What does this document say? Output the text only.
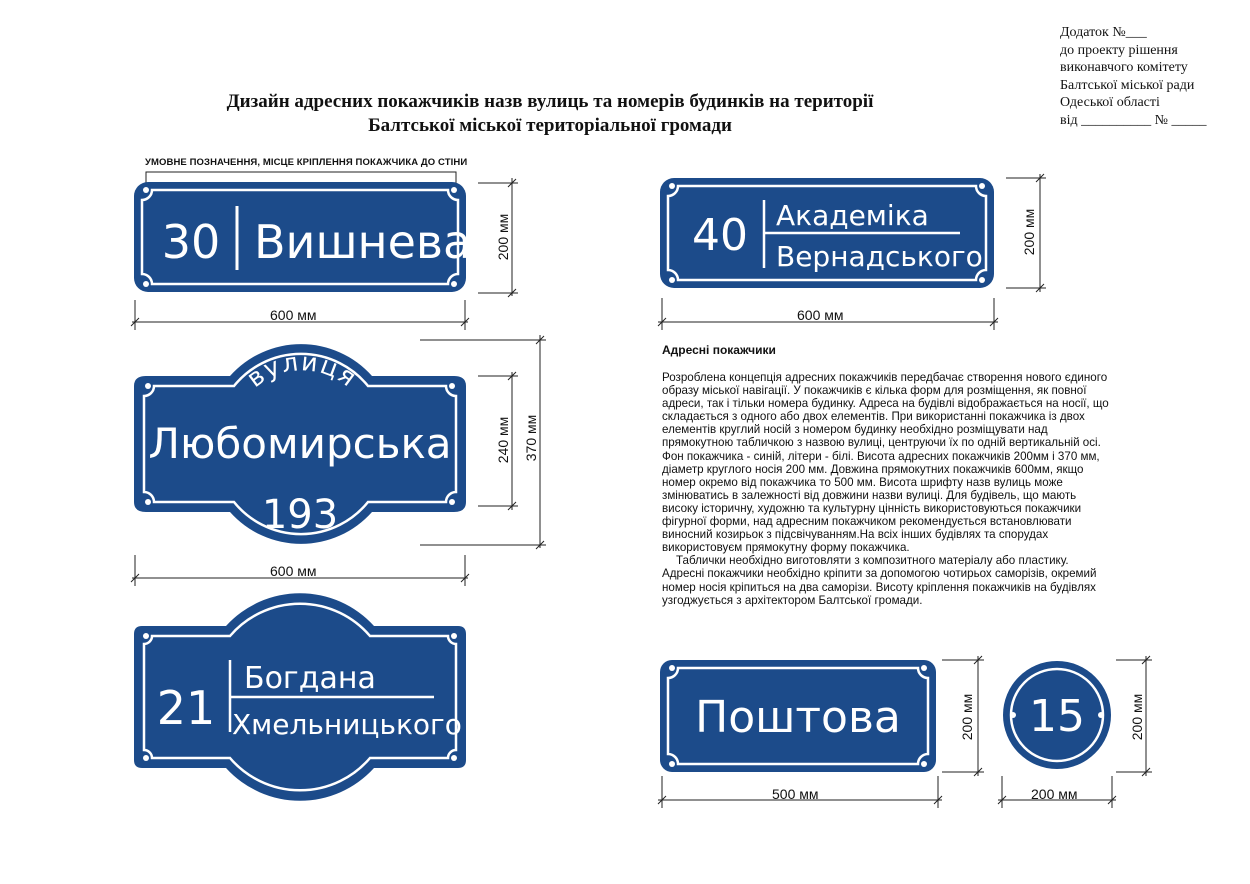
Додаток №___
до проекту рішення
виконавчого комітету
Балтської міської ради
Одеської області
від __________ № _____
Дизайн адресних покажчиків назв вулиць та номерів будинків на території
Балтської міської територіальної громади
УМОВНЕ ПОЗНАЧЕННЯ, МІСЦЕ КРІПЛЕННЯ ПОКАЖЧИКА ДО СТІНИ
600 мм
200 мм
600 мм
200 мм
600 мм
240 мм 370 мм
500 мм
200 мм
200 мм
200 мм
30 Вишнева	40 Академіка
Вернадського
вулиця
Любомирська
193
21
Богдана
Хмельницького	Поштова	15
Адресні покажчики

Розроблена концепція адресних покажчиків передбачає створення нового єдиного образу міської навігації. У покажчиків є кілька форм для розміщення, як повної адреси, так і тільки номера будинку. Адреса на будівлі відображається на носії, що складається з одного або двох елементів. При використанні покажчика із двох елементів круглий носій з номером будинку необхідно розміщувати над прямокутною табличкою з назвою вулиці, центруючи їх по одній вертикальній осі. Фон покажчика - синій, літери - білі. Висота адресних покажчиків 200мм і 370 мм, діаметр круглого носія 200 мм. Довжина прямокутних покажчиків 600мм, якщо номер окремо від покажчика то 500 мм. Висота шрифту назв вулиць може змінюватись в залежності від довжини назви вулиці. Для будівель, що мають високу історичну, художню та культурну цінність використовуються покажчики фігурної форми, над адресним покажчиком рекомендується встановлювати виносний козирьок з підсвічуванням.На всіх інших будівлях та спорудах використовуєм прямокутну форму покажчика.

Таблички необхідно виготовляти з композитного матеріалу або пластику. Адресні покажчики необхідно кріпити за допомогою чотирьох саморізів, окремий номер носія кріпиться на два саморізи. Висоту кріплення покажчиків на будівлях узгоджується з архітектором Балтської громади.
